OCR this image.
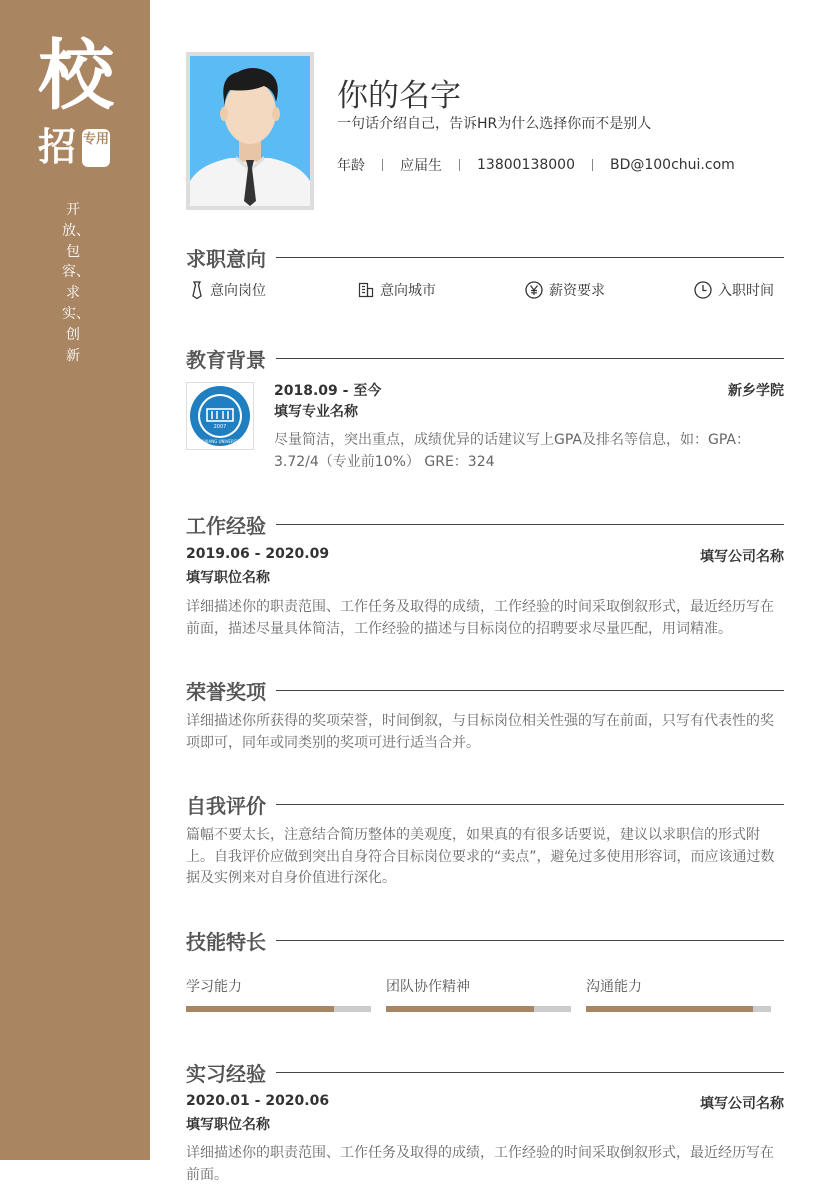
校
招 专用
开放、包容、求实、创新
你的名字
一句话介绍自己，告诉HR为什么选择你而不是别人
年龄	应届生	13800138000	BD@100chui.com
求职意向
意向岗位	意向城市	薪资要求	入职时间
教育背景
2007
XINXIANG UNIVERSITY
2018.09 - 至今	新乡学院
填写专业名称
尽量简洁，突出重点，成绩优异的话建议写上GPA及排名等信息，如：GPA：3.72/4（专业前10%） GRE：324
工作经验
2019.06 - 2020.09	填写公司名称
填写职位名称
详细描述你的职责范围、工作任务及取得的成绩，工作经验的时间采取倒叙形式，最近经历写在前面，描述尽量具体简洁，工作经验的描述与目标岗位的招聘要求尽量匹配，用词精准。
荣誉奖项
详细描述你所获得的奖项荣誉，时间倒叙，与目标岗位相关性强的写在前面，只写有代表性的奖项即可，同年或同类别的奖项可进行适当合并。
自我评价
篇幅不要太长，注意结合简历整体的美观度，如果真的有很多话要说，建议以求职信的形式附上。自我评价应做到突出自身符合目标岗位要求的“卖点”，避免过多使用形容词，而应该通过数据及实例来对自身价值进行深化。
技能特长
学习能力	团队协作精神	沟通能力
实习经验
2020.01 - 2020.06	填写公司名称
填写职位名称
详细描述你的职责范围、工作任务及取得的成绩，工作经验的时间采取倒叙形式，最近经历写在前面。
